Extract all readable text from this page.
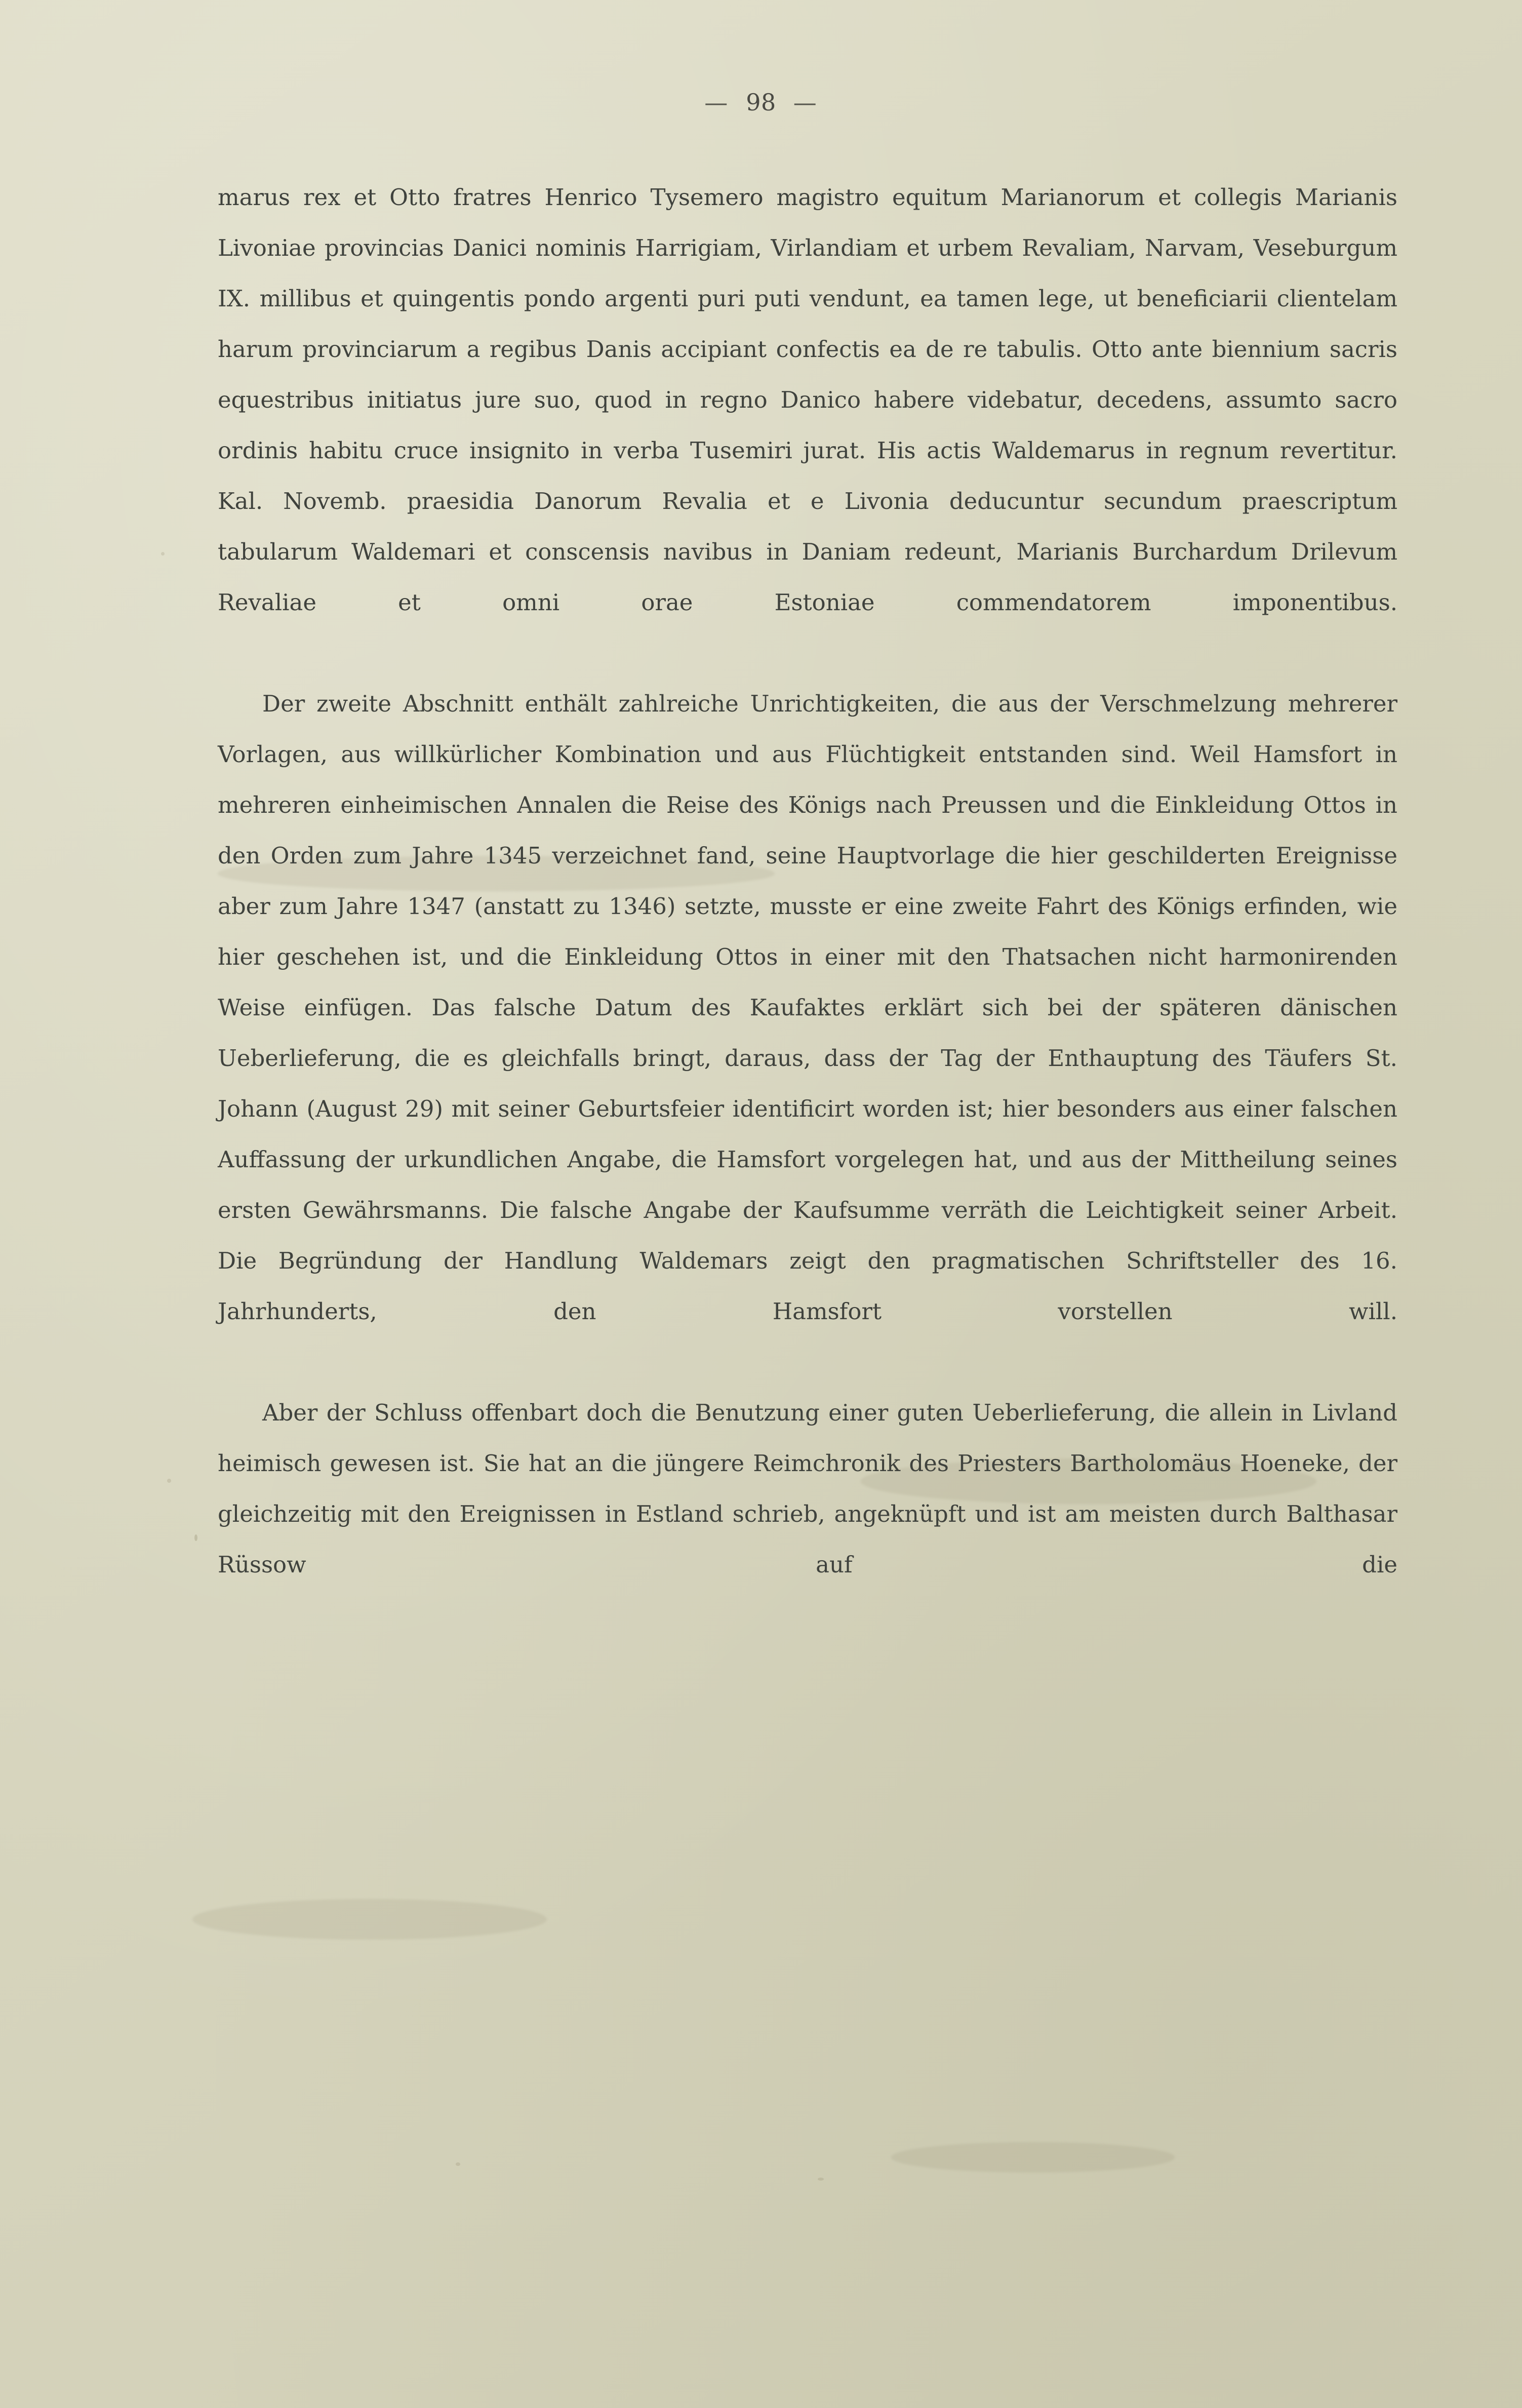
— 98 —

marus rex et Otto fratres Henrico Tysemero magistro equitum Marianorum et collegis Marianis Livoniae provincias Danici nominis Harrigiam, Virlandiam et urbem Revaliam, Narvam, Veseburgum IX. millibus et quingentis pondo argenti puri puti vendunt, ea tamen lege, ut beneficiarii clientelam harum provinciarum a regibus Danis accipiant confectis ea de re tabulis. Otto ante biennium sacris equestribus initiatus jure suo, quod in regno Danico habere videbatur, decedens, assumto sacro ordinis habitu cruce insignito in verba Tusemiri jurat. His actis Waldemarus in regnum revertitur. Kal. Novemb. praesidia Danorum Revalia et e Livonia deducuntur secundum praescriptum tabularum Waldemari et conscensis navibus in Daniam redeunt, Marianis Burchardum Drilevum Revaliae et omni orae Estoniae commendatorem imponentibus.

Der zweite Abschnitt enthält zahlreiche Unrichtigkeiten, die aus der Verschmelzung mehrerer Vorlagen, aus willkürlicher Kombination und aus Flüchtigkeit entstanden sind. Weil Hamsfort in mehreren einheimischen Annalen die Reise des Königs nach Preussen und die Einkleidung Ottos in den Orden zum Jahre 1345 verzeichnet fand, seine Hauptvorlage die hier geschilderten Ereignisse aber zum Jahre 1347 (anstatt zu 1346) setzte, musste er eine zweite Fahrt des Königs erfinden, wie hier geschehen ist, und die Einkleidung Ottos in einer mit den Thatsachen nicht harmonirenden Weise einfügen. Das falsche Datum des Kaufaktes erklärt sich bei der späteren dänischen Ueberlieferung, die es gleichfalls bringt, daraus, dass der Tag der Enthauptung des Täufers St. Johann (August 29) mit seiner Geburtsfeier identificirt worden ist; hier besonders aus einer falschen Auffassung der urkundlichen Angabe, die Hamsfort vorgelegen hat, und aus der Mittheilung seines ersten Gewährsmanns. Die falsche Angabe der Kaufsumme verräth die Leichtigkeit seiner Arbeit. Die Begründung der Handlung Waldemars zeigt den pragmatischen Schriftsteller des 16. Jahrhunderts, den Hamsfort vorstellen will.

Aber der Schluss offenbart doch die Benutzung einer guten Ueberlieferung, die allein in Livland heimisch gewesen ist. Sie hat an die jüngere Reimchronik des Priesters Bartholomäus Hoeneke, der gleichzeitig mit den Ereignissen in Estland schrieb, angeknüpft und ist am meisten durch Balthasar Rüssow auf die
